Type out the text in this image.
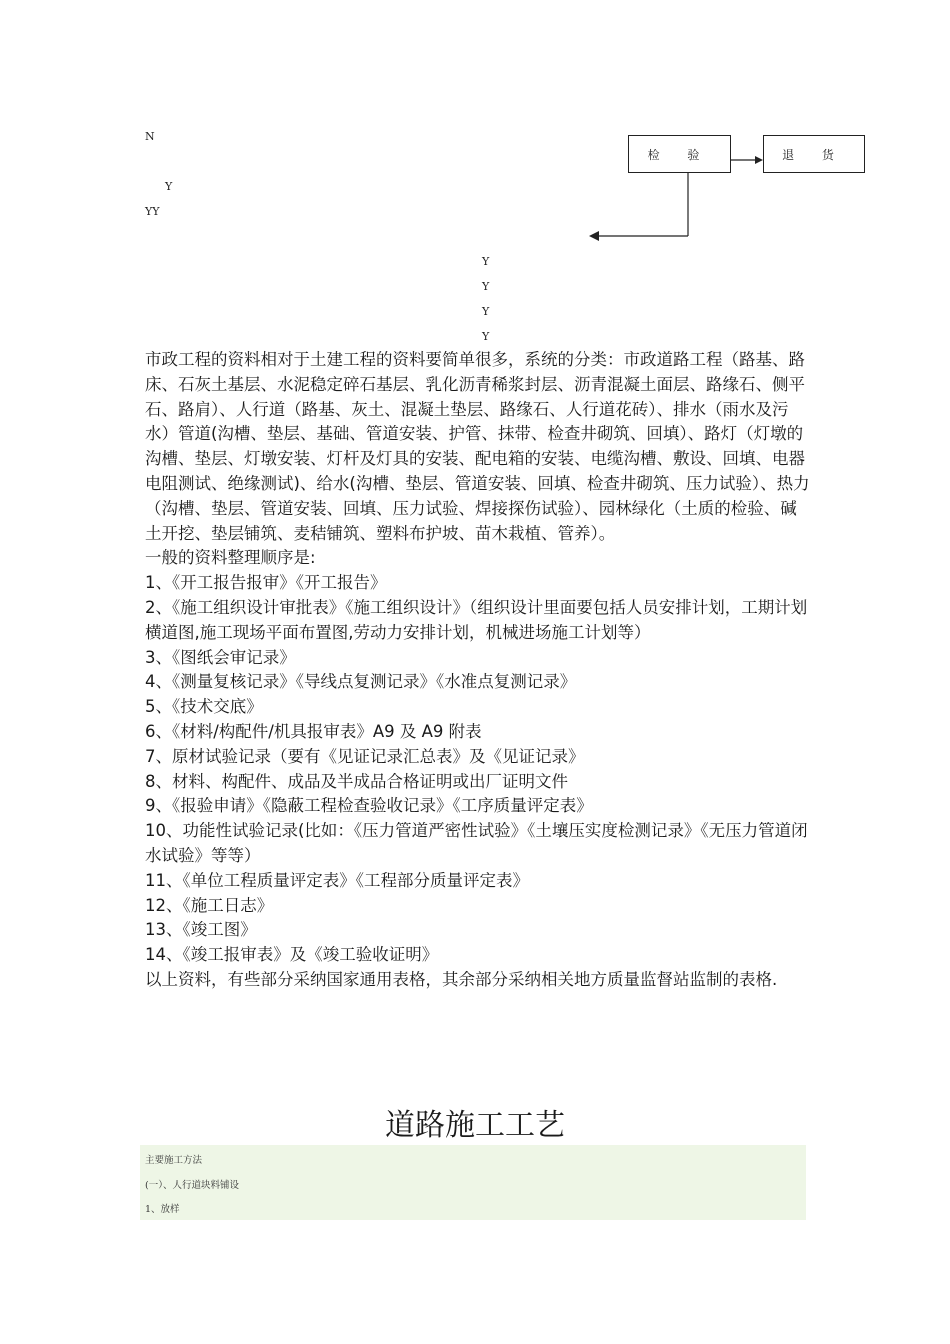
N
Y
YY
检 验	退 货
Y
Y
Y
Y

市政工程的资料相对于土建工程的资料要简单很多，系统的分类：市政道路工程（路基、路床、石灰土基层、水泥稳定碎石基层、乳化沥青稀浆封层、沥青混凝土面层、路缘石、侧平石、路肩）、人行道（路基、灰土、混凝土垫层、路缘石、人行道花砖）、排水（雨水及污水）管道(沟槽、垫层、基础、管道安装、护管、抹带、检查井砌筑、回填）、路灯（灯墩的沟槽、垫层、灯墩安装、灯杆及灯具的安装、配电箱的安装、电缆沟槽、敷设、回填、电器电阻测试、绝缘测试)、给水(沟槽、垫层、管道安装、回填、检查井砌筑、压力试验）、热力（沟槽、垫层、管道安装、回填、压力试验、焊接探伤试验）、园林绿化（土质的检验、碱土开挖、垫层铺筑、麦秸铺筑、塑料布护坡、苗木栽植、管养）。

一般的资料整理顺序是:

1、《开工报告报审》《开工报告》

2、《施工组织设计审批表》《施工组织设计》（组织设计里面要包括人员安排计划，工期计划横道图,施工现场平面布置图,劳动力安排计划，机械进场施工计划等）

3、《图纸会审记录》

4、《测量复核记录》《导线点复测记录》《水准点复测记录》

5、《技术交底》

6、《材料/构配件/机具报审表》A9 及 A9 附表

7、原材试验记录（要有《见证记录汇总表》及《见证记录》

8、材料、构配件、成品及半成品合格证明或出厂证明文件

9、《报验申请》《隐蔽工程检查验收记录》《工序质量评定表》

10、功能性试验记录(比如：《压力管道严密性试验》《土壤压实度检测记录》《无压力管道闭水试验》等等）

11、《单位工程质量评定表》《工程部分质量评定表》

12、《施工日志》

13、《竣工图》

14、《竣工报审表》及《竣工验收证明》

以上资料，有些部分采纳国家通用表格，其余部分采纳相关地方质量监督站监制的表格.

道路施工工艺
主要施工方法
(一）、人行道块料铺设
1、放样
